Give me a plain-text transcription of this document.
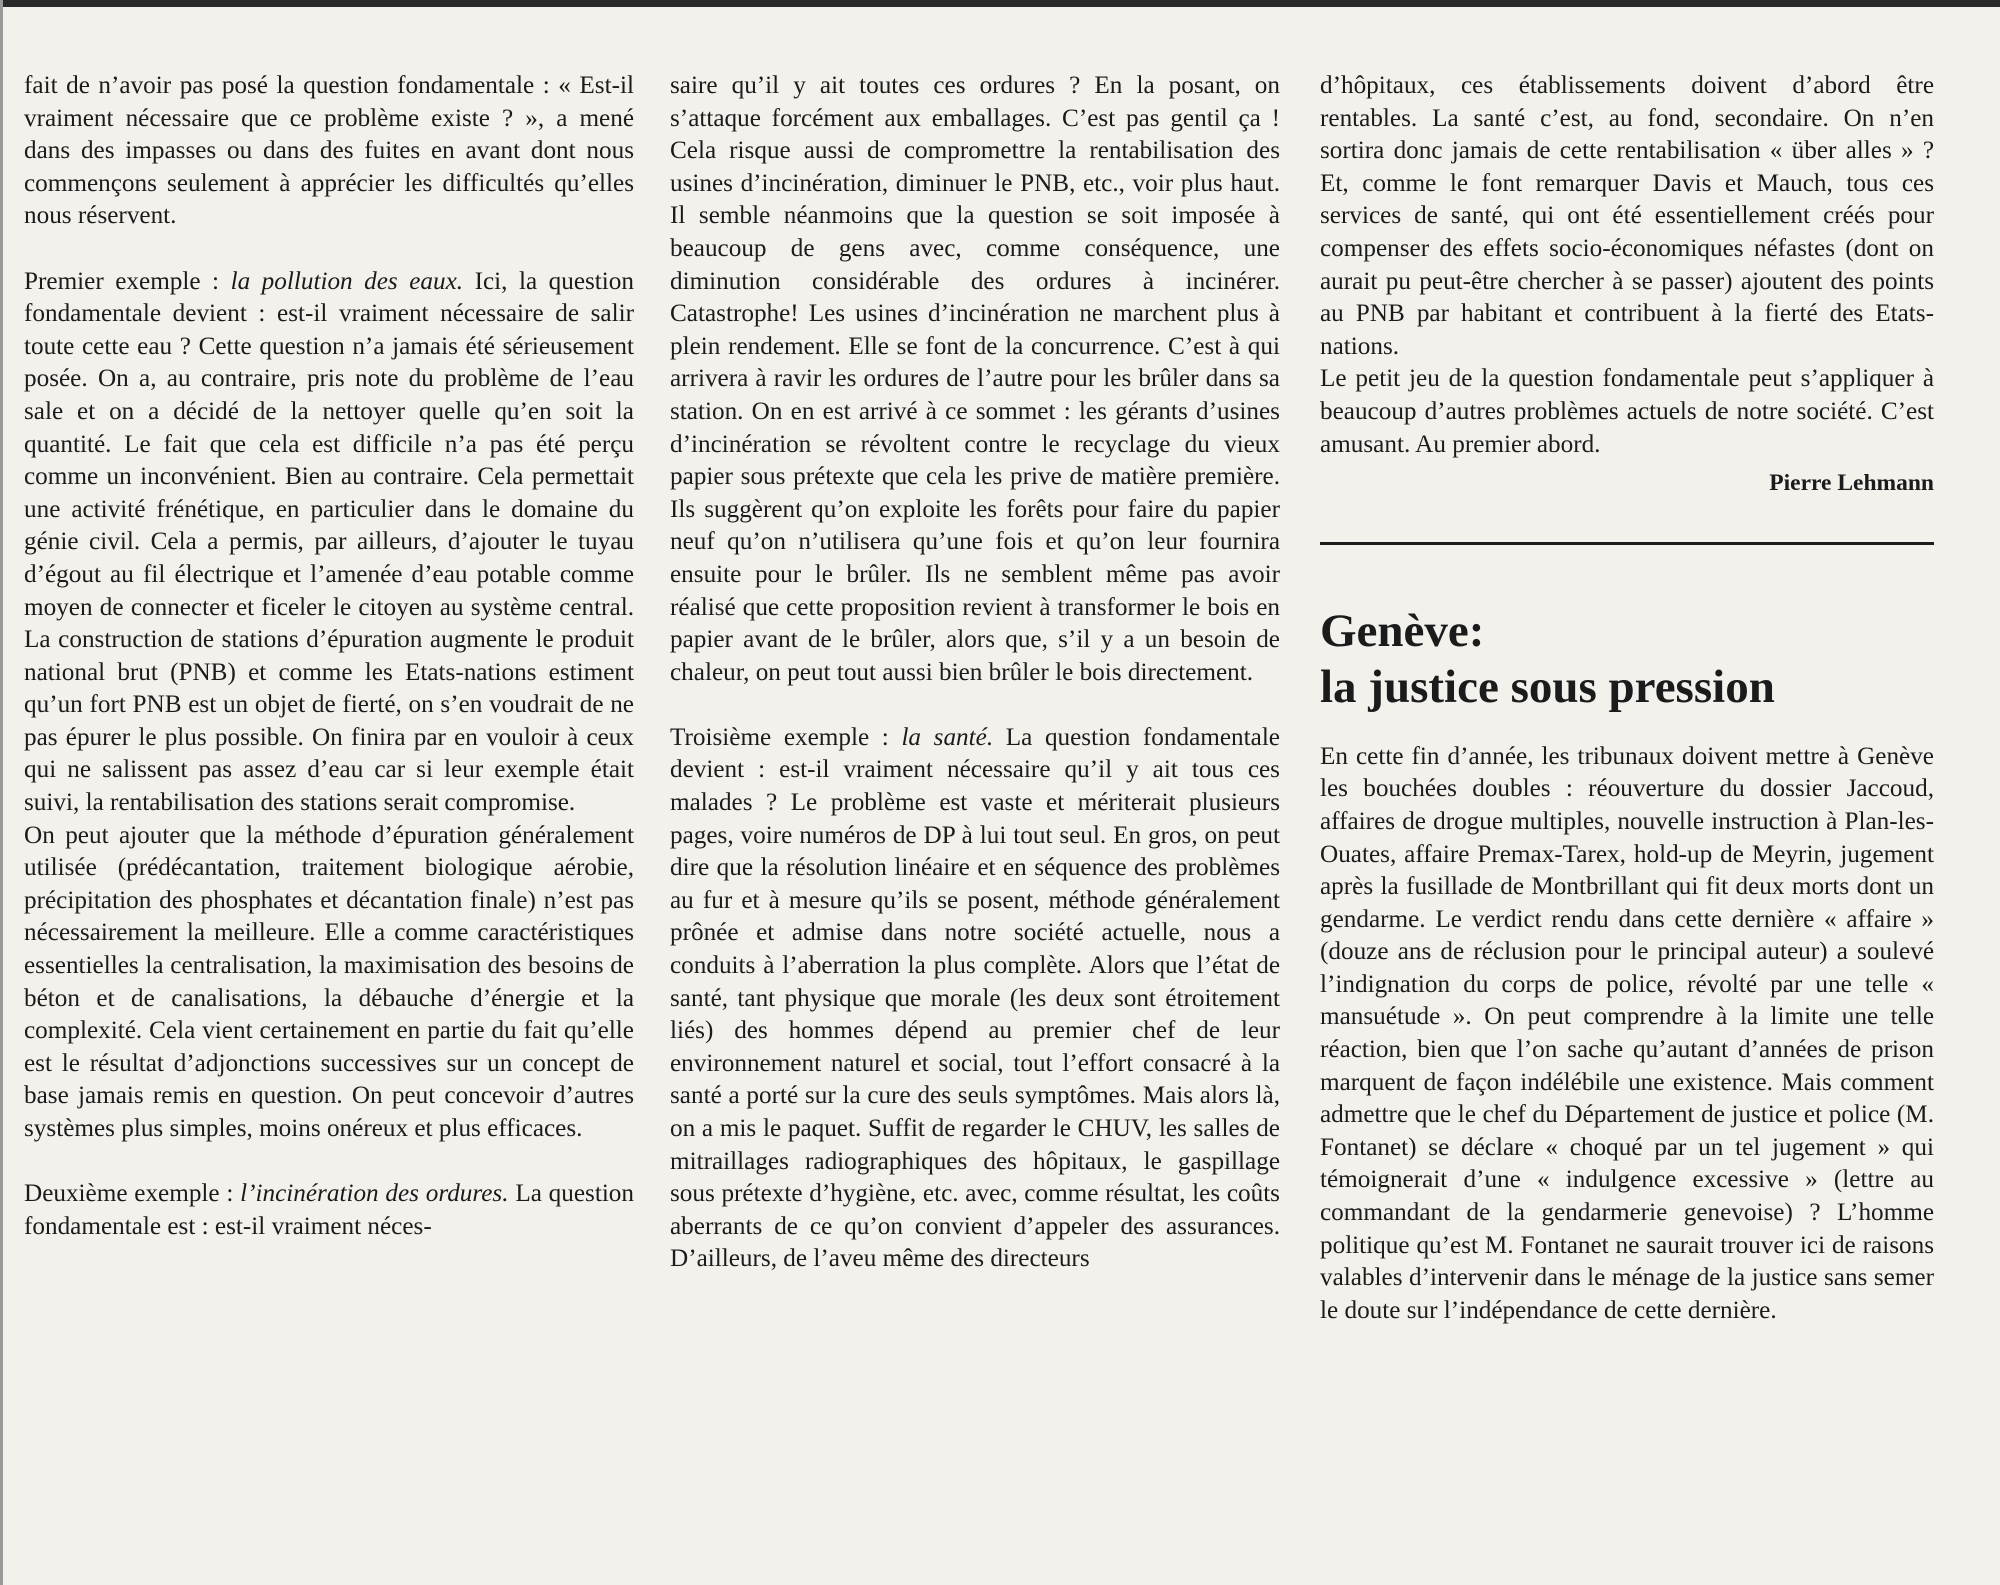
fait de n’avoir pas posé la question fondamentale : « Est-il vraiment nécessaire que ce problème existe ? », a mené dans des impasses ou dans des fuites en avant dont nous commençons seulement à apprécier les difficultés qu’elles nous réservent.

Premier exemple : la pollution des eaux. Ici, la question fondamentale devient : est-il vraiment nécessaire de salir toute cette eau ? Cette question n’a jamais été sérieusement posée. On a, au contraire, pris note du problème de l’eau sale et on a décidé de la nettoyer quelle qu’en soit la quantité. Le fait que cela est difficile n’a pas été perçu comme un inconvénient. Bien au contraire. Cela permettait une activité frénétique, en particulier dans le domaine du génie civil. Cela a permis, par ailleurs, d’ajouter le tuyau d’égout au fil électrique et l’amenée d’eau potable comme moyen de connecter et ficeler le citoyen au système central. La construction de stations d’épuration augmente le produit national brut (PNB) et comme les Etats-nations estiment qu’un fort PNB est un objet de fierté, on s’en voudrait de ne pas épurer le plus possible. On finira par en vouloir à ceux qui ne salissent pas assez d’eau car si leur exemple était suivi, la rentabilisation des stations serait compromise.

On peut ajouter que la méthode d’épuration généralement utilisée (prédécantation, traitement biologique aérobie, précipitation des phosphates et décantation finale) n’est pas nécessairement la meilleure. Elle a comme caractéristiques essentielles la centralisation, la maximisation des besoins de béton et de canalisations, la débauche d’énergie et la complexité. Cela vient certainement en partie du fait qu’elle est le résultat d’adjonctions successives sur un concept de base jamais remis en question. On peut concevoir d’autres systèmes plus simples, moins onéreux et plus efficaces.

Deuxième exemple : l’incinération des ordures. La question fondamentale est : est-il vraiment néces-

saire qu’il y ait toutes ces ordures ? En la posant, on s’attaque forcément aux emballages. C’est pas gentil ça ! Cela risque aussi de compromettre la rentabilisation des usines d’incinération, diminuer le PNB, etc., voir plus haut. Il semble néanmoins que la question se soit imposée à beaucoup de gens avec, comme conséquence, une diminution considérable des ordures à incinérer. Catastrophe! Les usines d’incinération ne marchent plus à plein rendement. Elle se font de la concurrence. C’est à qui arrivera à ravir les ordures de l’autre pour les brûler dans sa station. On en est arrivé à ce sommet : les gérants d’usines d’incinération se révoltent contre le recyclage du vieux papier sous prétexte que cela les prive de matière première. Ils suggèrent qu’on exploite les forêts pour faire du papier neuf qu’on n’utilisera qu’une fois et qu’on leur fournira ensuite pour le brûler. Ils ne semblent même pas avoir réalisé que cette proposition revient à transformer le bois en papier avant de le brûler, alors que, s’il y a un besoin de chaleur, on peut tout aussi bien brûler le bois directement.

Troisième exemple : la santé. La question fondamentale devient : est-il vraiment nécessaire qu’il y ait tous ces malades ? Le problème est vaste et mériterait plusieurs pages, voire numéros de DP à lui tout seul. En gros, on peut dire que la résolution linéaire et en séquence des problèmes au fur et à mesure qu’ils se posent, méthode généralement prônée et admise dans notre société actuelle, nous a conduits à l’aberration la plus complète. Alors que l’état de santé, tant physique que morale (les deux sont étroitement liés) des hommes dépend au premier chef de leur environnement naturel et social, tout l’effort consacré à la santé a porté sur la cure des seuls symptômes. Mais alors là, on a mis le paquet. Suffit de regarder le CHUV, les salles de mitraillages radiographiques des hôpitaux, le gaspillage sous prétexte d’hygiène, etc. avec, comme résultat, les coûts aberrants de ce qu’on convient d’appeler des assurances. D’ailleurs, de l’aveu même des directeurs

d’hôpitaux, ces établissements doivent d’abord être rentables. La santé c’est, au fond, secondaire. On n’en sortira donc jamais de cette rentabilisation « über alles » ? Et, comme le font remarquer Davis et Mauch, tous ces services de santé, qui ont été essentiellement créés pour compenser des effets socio-économiques néfastes (dont on aurait pu peut-être chercher à se passer) ajoutent des points au PNB par habitant et contribuent à la fierté des Etats-nations.

Le petit jeu de la question fondamentale peut s’appliquer à beaucoup d’autres problèmes actuels de notre société. C’est amusant. Au premier abord.

Pierre Lehmann
Genève:
la justice sous pression

En cette fin d’année, les tribunaux doivent mettre à Genève les bouchées doubles : réouverture du dossier Jaccoud, affaires de drogue multiples, nouvelle instruction à Plan-les-Ouates, affaire Premax-Tarex, hold-up de Meyrin, jugement après la fusillade de Montbrillant qui fit deux morts dont un gendarme. Le verdict rendu dans cette dernière « affaire » (douze ans de réclusion pour le principal auteur) a soulevé l’indignation du corps de police, révolté par une telle « mansuétude ». On peut comprendre à la limite une telle réaction, bien que l’on sache qu’autant d’années de prison marquent de façon indélébile une existence. Mais comment admettre que le chef du Département de justice et police (M. Fontanet) se déclare « choqué par un tel jugement » qui témoignerait d’une « indulgence excessive » (lettre au commandant de la gendarmerie genevoise) ? L’homme politique qu’est M. Fontanet ne saurait trouver ici de raisons valables d’intervenir dans le ménage de la justice sans semer le doute sur l’indépendance de cette dernière.
